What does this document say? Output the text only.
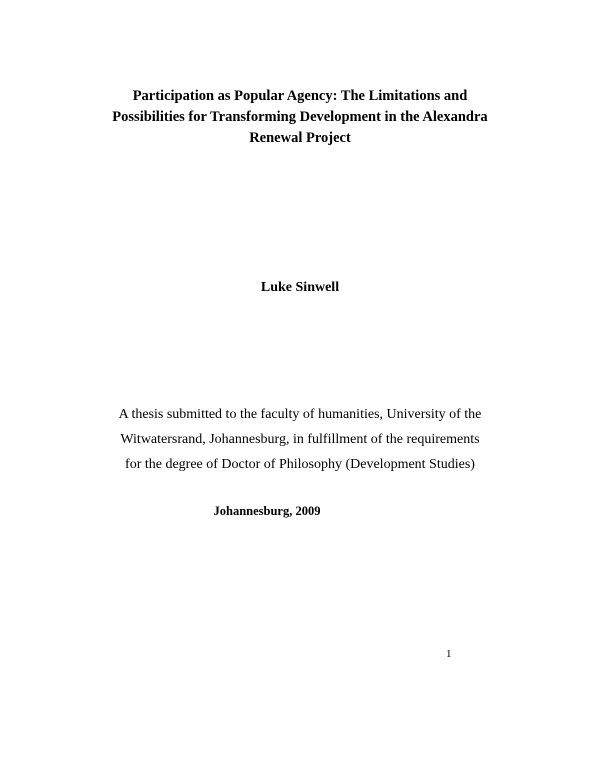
Participation as Popular Agency: The Limitations and
Possibilities for Transforming Development in the Alexandra
Renewal Project

Luke Sinwell

A thesis submitted to the faculty of humanities, University of the
Witwatersrand, Johannesburg, in fulfillment of the requirements
for the degree of Doctor of Philosophy (Development Studies)

Johannesburg, 2009

1
